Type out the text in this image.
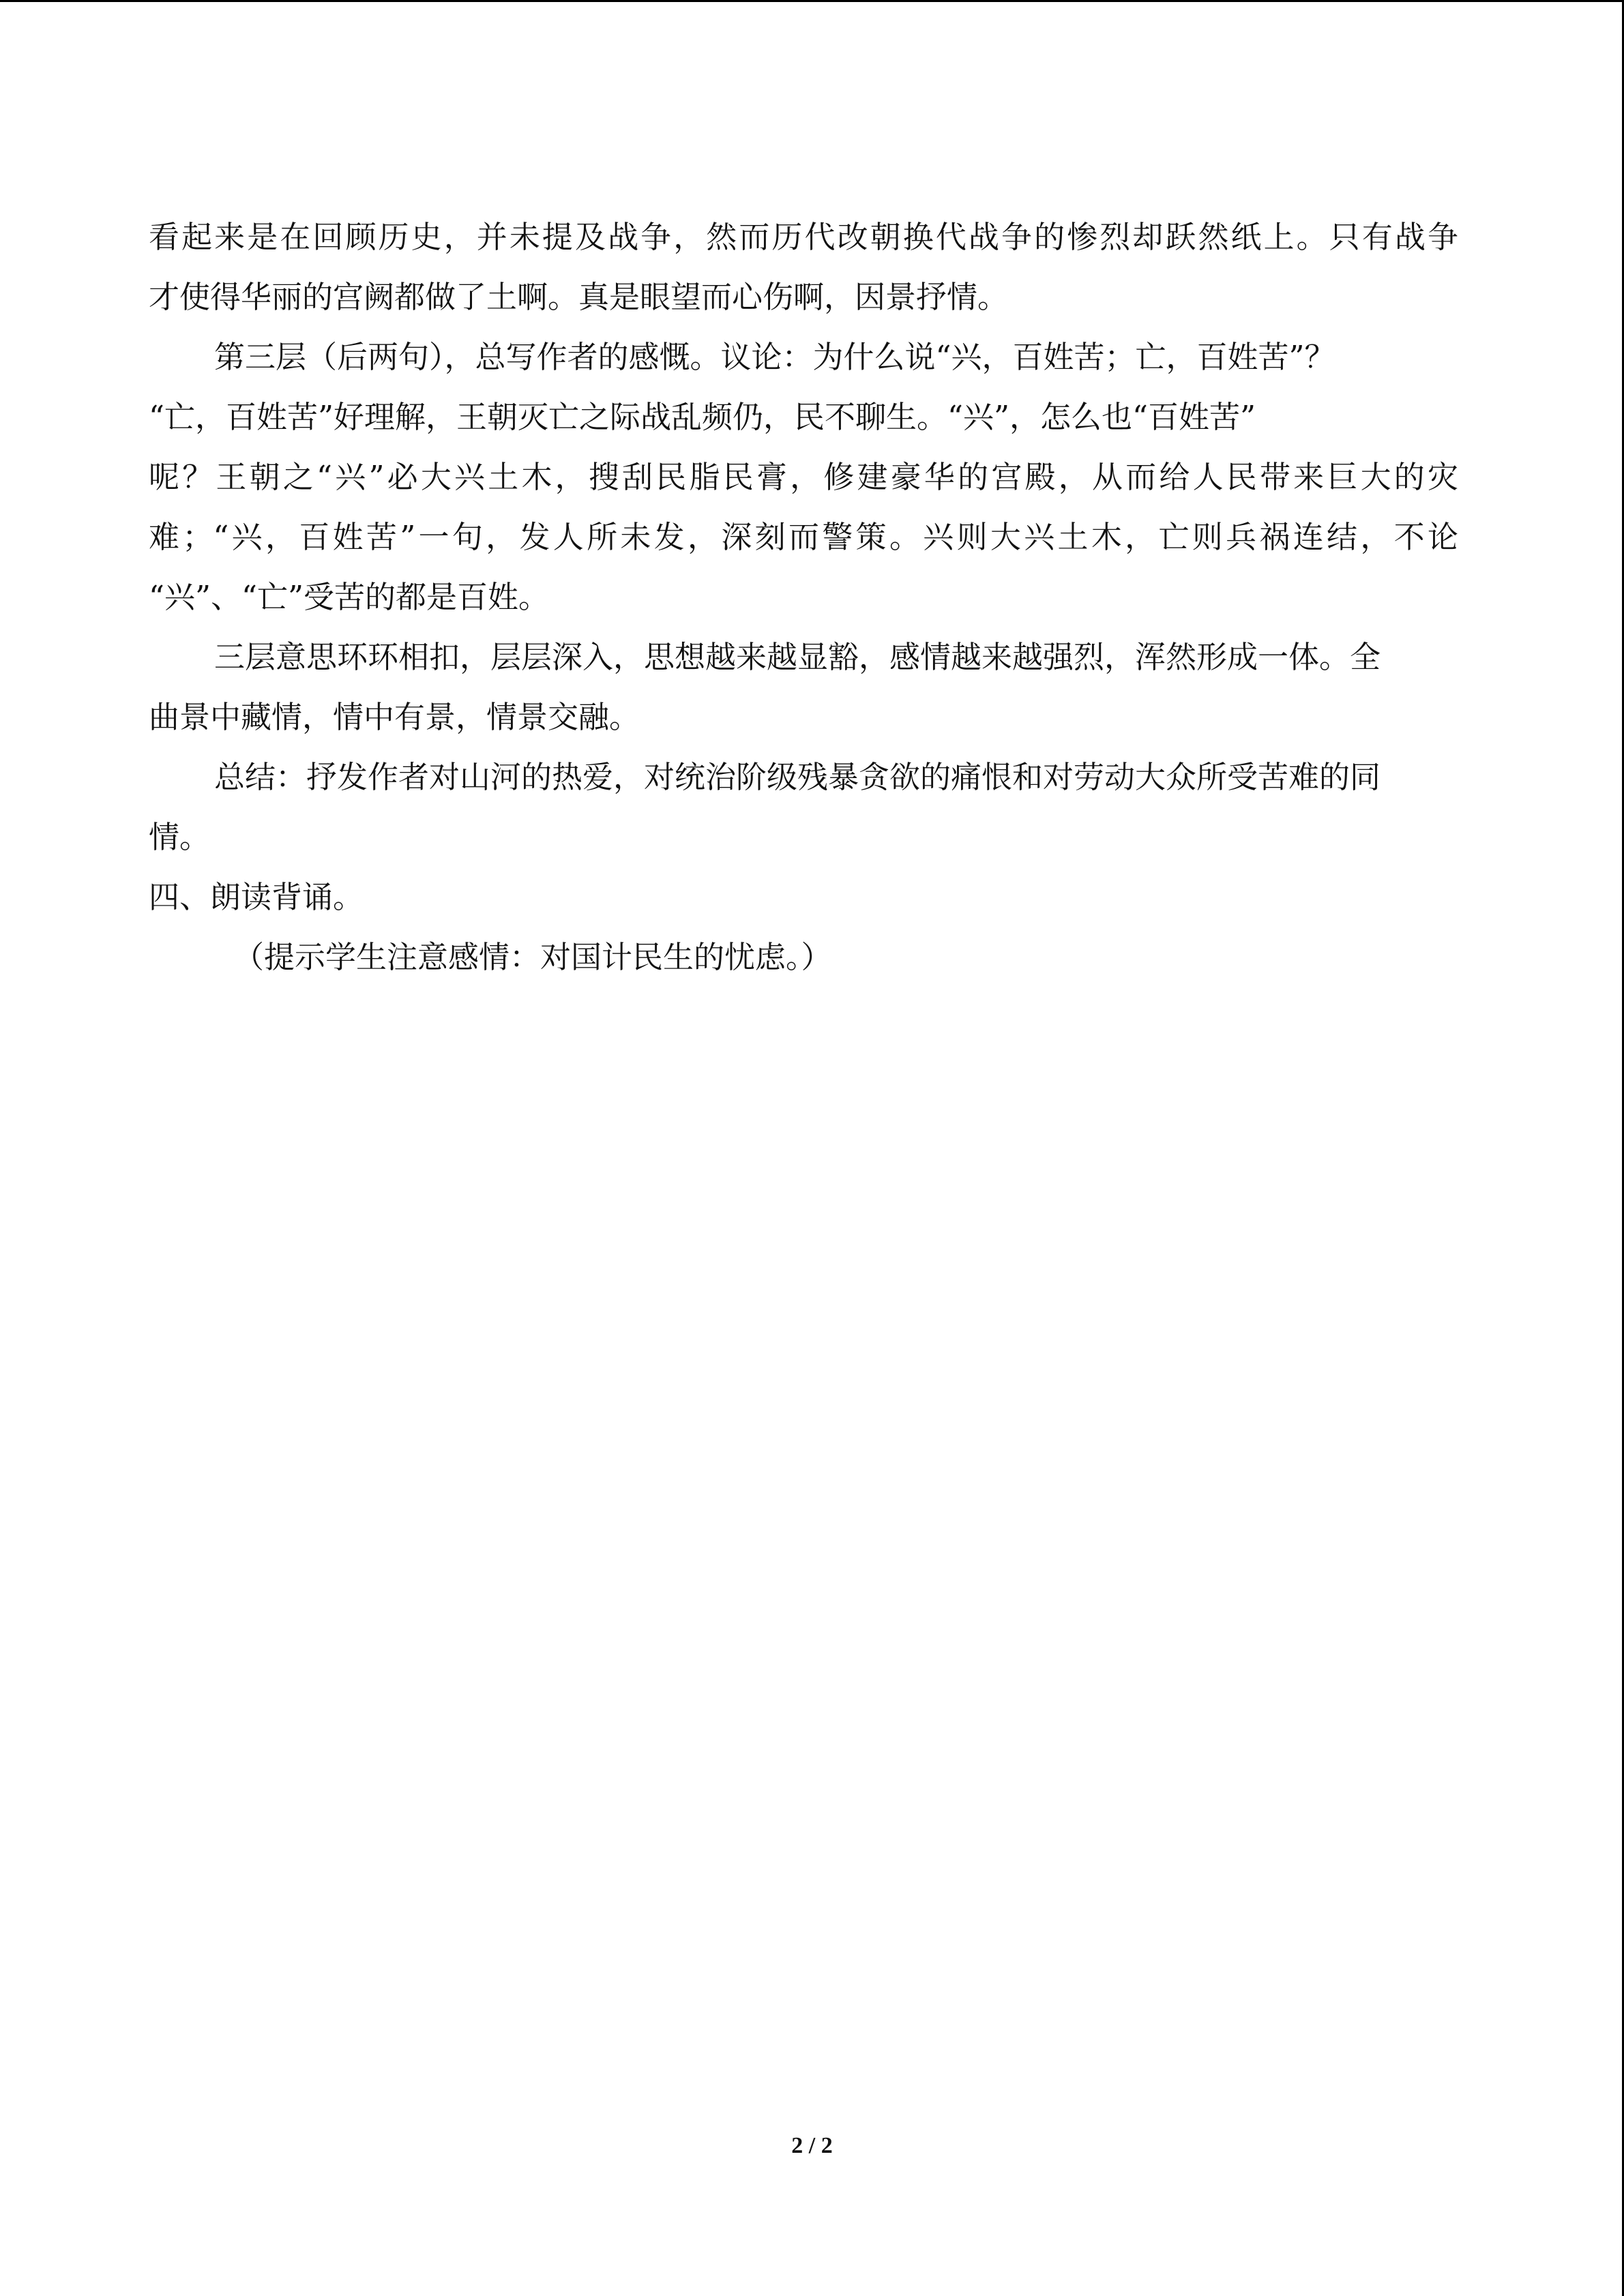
看起来是在回顾历史，并未提及战争，然而历代改朝换代战争的惨烈却跃然纸上。只有战争
才使得华丽的宫阙都做了土啊。真是眼望而心伤啊，因景抒情。
第三层（后两句），总写作者的感慨。议论：为什么说“兴，百姓苦；亡，百姓苦”？
“亡，百姓苦”好理解，王朝灭亡之际战乱频仍，民不聊生。“兴”，怎么也“百姓苦”
呢？王朝之“兴”必大兴土木，搜刮民脂民膏，修建豪华的宫殿，从而给人民带来巨大的灾
难；“兴，百姓苦”一句，发人所未发，深刻而警策。兴则大兴土木，亡则兵祸连结，不论
“兴”、“亡”受苦的都是百姓。
三层意思环环相扣，层层深入，思想越来越显豁，感情越来越强烈，浑然形成一体。全
曲景中藏情，情中有景，情景交融。
总结：抒发作者对山河的热爱，对统治阶级残暴贪欲的痛恨和对劳动大众所受苦难的同
情。
四、朗读背诵。
（提示学生注意感情：对国计民生的忧虑。）
2 / 2
